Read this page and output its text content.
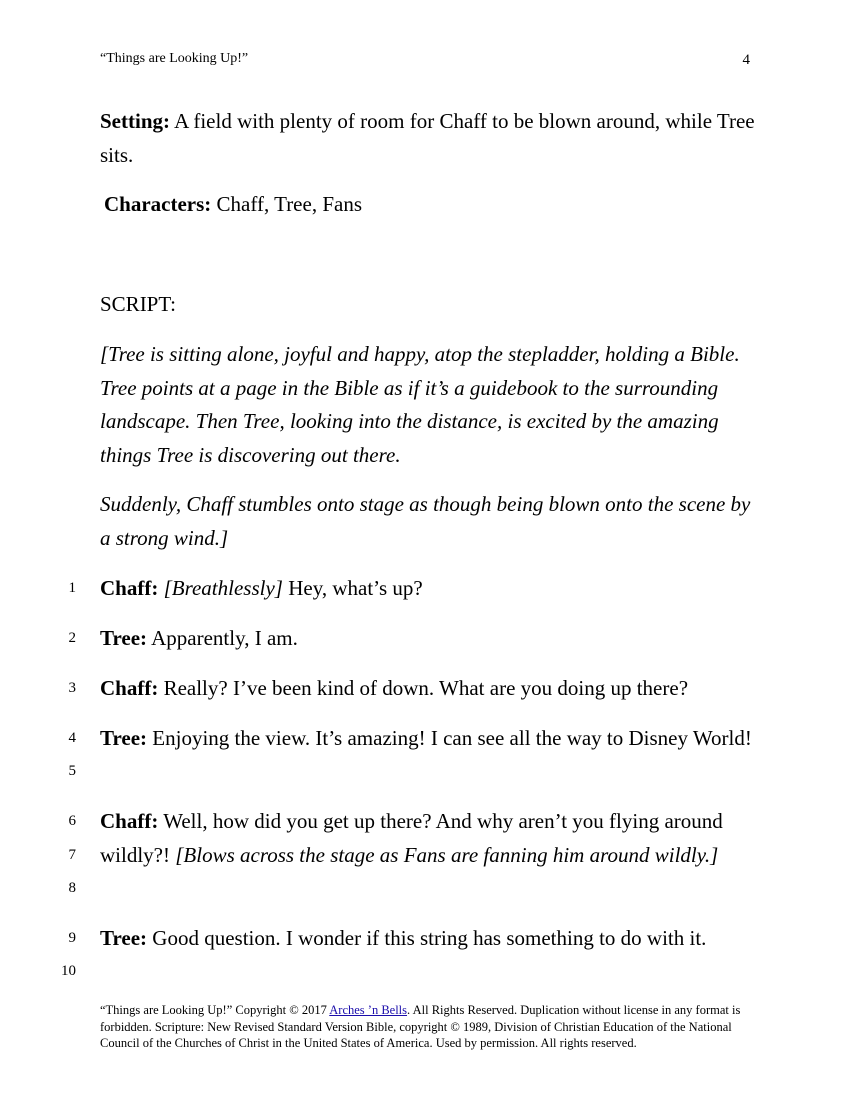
“Things are Looking Up!”	4
Setting: A field with plenty of room for Chaff to be blown around, while Tree sits.
Characters: Chaff, Tree, Fans
SCRIPT:
[Tree is sitting alone, joyful and happy, atop the stepladder, holding a Bible. Tree points at a page in the Bible as if it’s a guidebook to the surrounding landscape. Then Tree, looking into the distance, is excited by the amazing things Tree is discovering out there.
Suddenly, Chaff stumbles onto stage as though being blown onto the scene by a strong wind.]
Chaff: [Breathlessly] Hey, what’s up?
Tree: Apparently, I am.
Chaff: Really? I’ve been kind of down. What are you doing up there?
Tree: Enjoying the view. It’s amazing! I can see all the way to Disney World!
Chaff: Well, how did you get up there? And why aren’t you flying around wildly?! [Blows across the stage as Fans are fanning him around wildly.]
Tree: Good question. I wonder if this string has something to do with it.
1
2
3
4
5
6
7
8
9
10
“Things are Looking Up!” Copyright © 2017 Arches ’n Bells. All Rights Reserved. Duplication without license in any format is forbidden. Scripture: New Revised Standard Version Bible, copyright © 1989, Division of Christian Education of the National Council of the Churches of Christ in the United States of America. Used by permission. All rights reserved.
